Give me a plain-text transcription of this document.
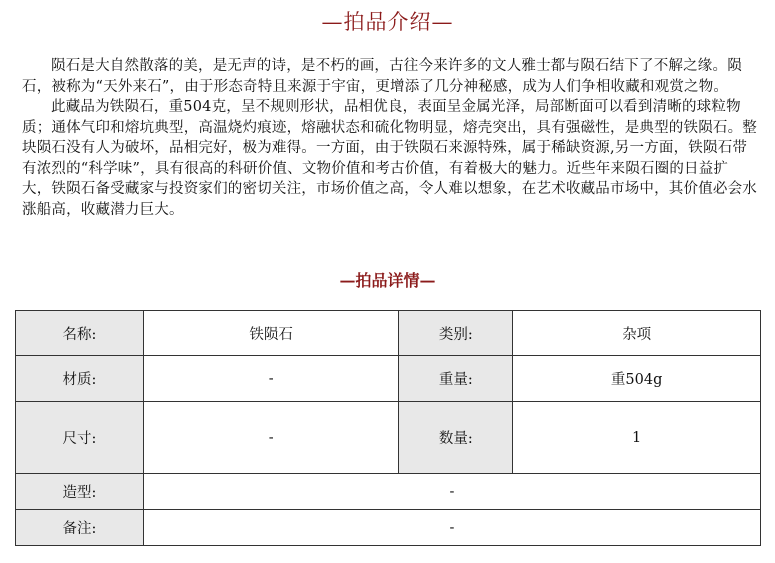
—拍品介绍—

陨石是大自然散落的美，是无声的诗，是不朽的画，古往今来许多的文人雅士都与陨石结下了不解之缘。陨石，被称为“天外来石”，由于形态奇特且来源于宇宙，更增添了几分神秘感，成为人们争相收藏和观赏之物。

此藏品为铁陨石，重504克，呈不规则形状，品相优良，表面呈金属光泽，局部断面可以看到清晰的球粒物质；通体气印和熔坑典型，高温烧灼痕迹，熔融状态和硫化物明显，熔壳突出，具有强磁性，是典型的铁陨石。整块陨石没有人为破坏，品相完好，极为难得。一方面，由于铁陨石来源特殊，属于稀缺资源,另一方面，铁陨石带有浓烈的“科学味”，具有很高的科研价值、文物价值和考古价值，有着极大的魅力。近些年来陨石圈的日益扩大，铁陨石备受藏家与投资家们的密切关注，市场价值之高，令人难以想象，在艺术收藏品市场中，其价值必会水涨船高，收藏潜力巨大。

—拍品详情—
名称:	铁陨石	类别:	杂项
材质:	-	重量:	重504g
尺寸:	-	数量:	1
造型:	-		
备注:	-		
